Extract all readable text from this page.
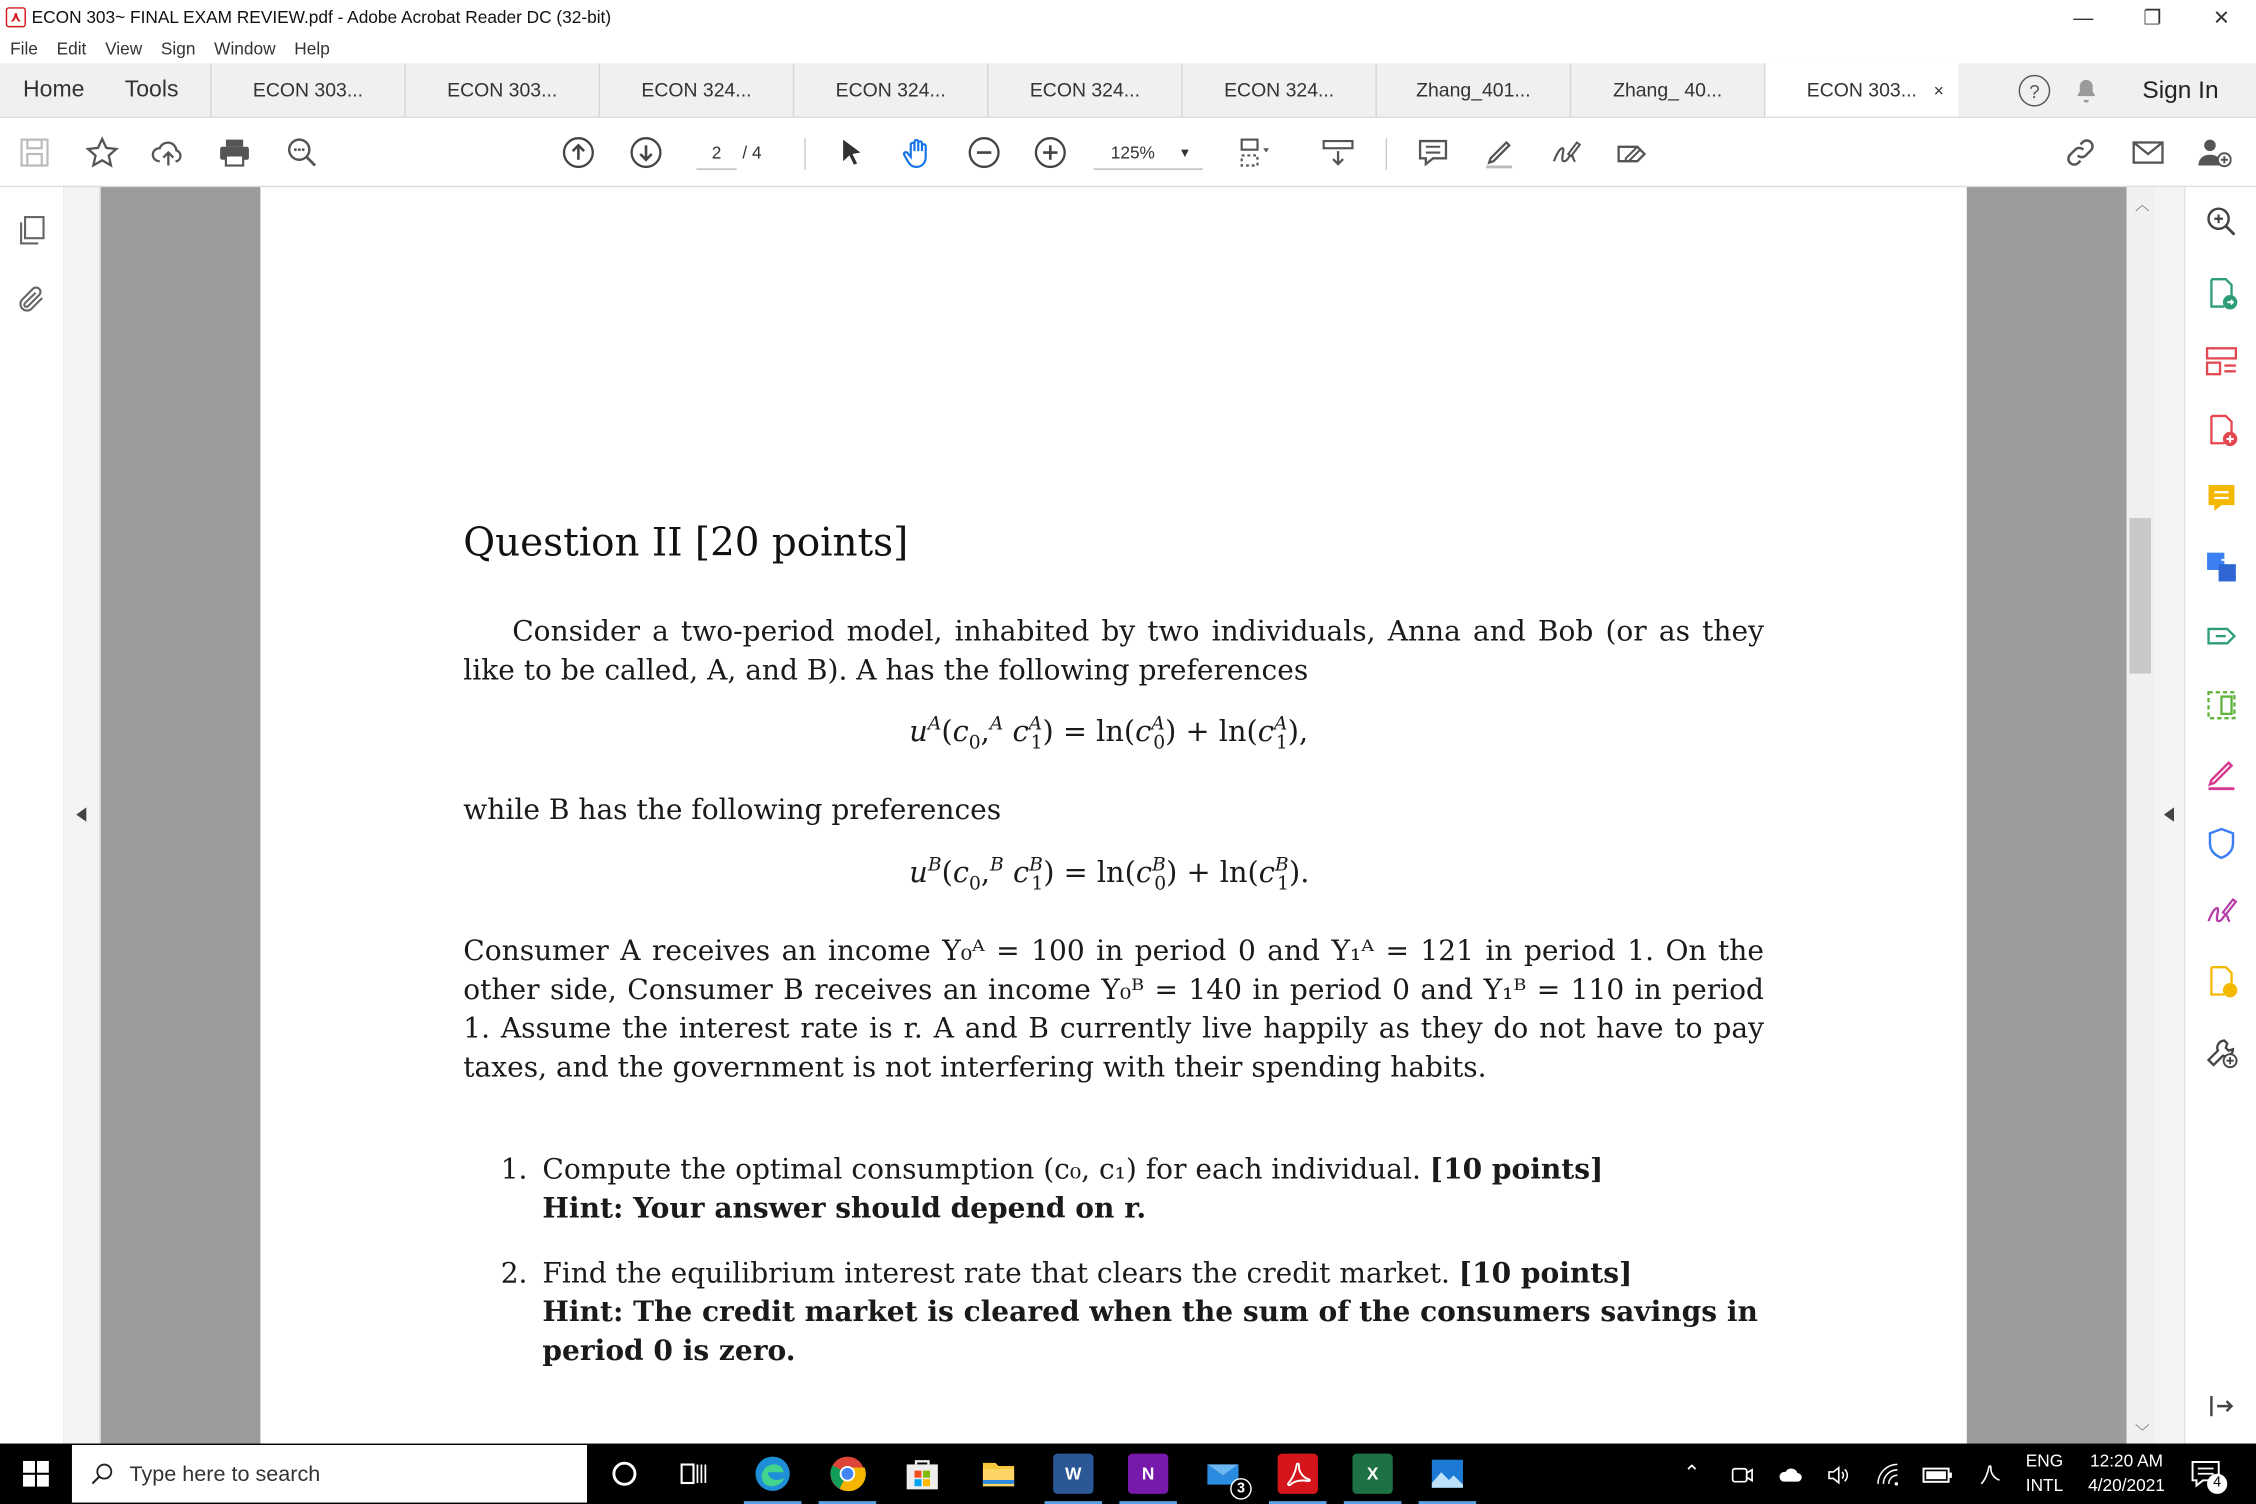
⋏ ECON 303~ FINAL EXAM REVIEW.pdf - Adobe Acrobat Reader DC (32-bit)	—	❐	✕
File Edit View Sign Window Help
Home	Tools	ECON 303...	ECON 303...	ECON 324...	ECON 324...	ECON 324...	ECON 324...	Zhang_401...	Zhang_ 40...	ECON 303... ×	?	Sign In
2	/ 4	125%	▼
Question II [20 points]
Consider a two-period model, inhabited by two individuals, Anna and Bob (or as they like to be called, A, and B). A has the following preferences
$u^A(c_0,^A$ $c^A_1) = \ln(c^A_0) + \ln(c^A_1)$,
while B has the following preferences
$u^B(c_0,^B$ $c^B_1) = \ln(c^B_0) + \ln(c^B_1)$.
Consumer A receives an income Y₀ᴬ = 100 in period 0 and Y₁ᴬ = 121 in period 1. On the other side, Consumer B receives an income Y₀ᴮ = 140 in period 0 and Y₁ᴮ = 110 in period 1. Assume the interest rate is r. A and B currently live happily as they do not have to pay taxes, and the government is not interfering with their spending habits.
1. Compute the optimal consumption (c₀, c₁) for each individual. [10 points]
Hint: Your answer should depend on r.
2. Find the equilibrium interest rate that clears the credit market. [10 points]
Hint: The credit market is cleared when the sum of the consumers savings in period 0 is zero.
︿
﹀
Type here to search	W	N
3
X	⌃	ENG
INTL
12:20 AM
4/20/2021	4
